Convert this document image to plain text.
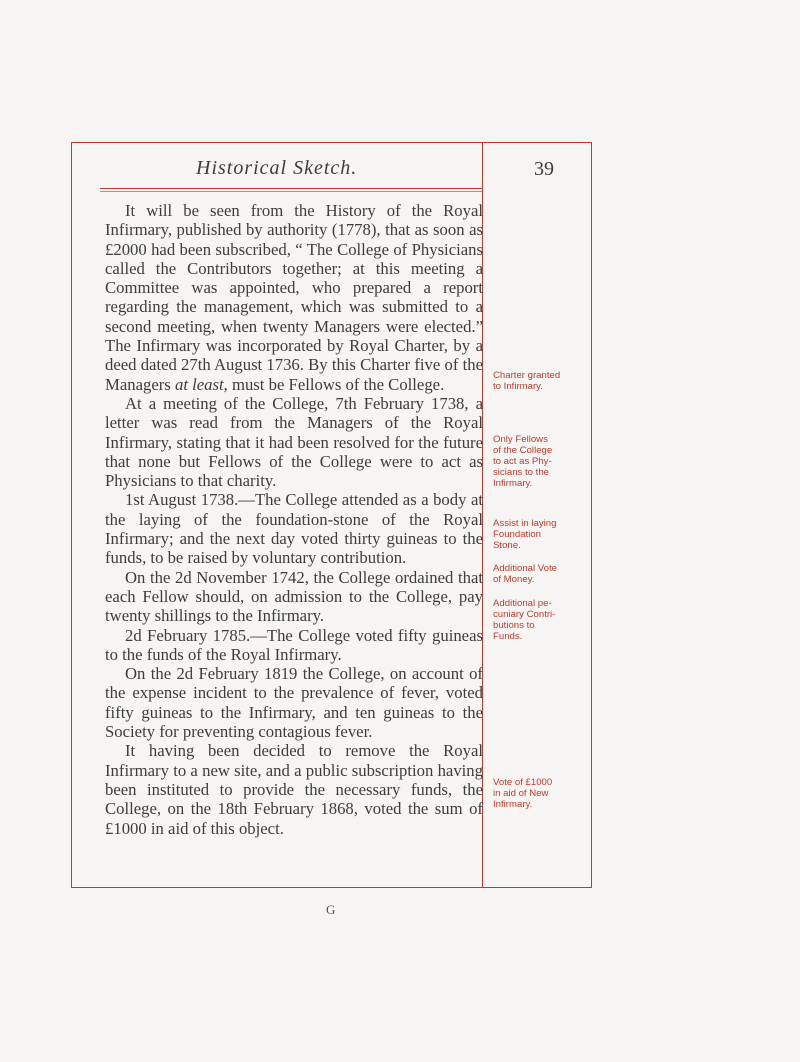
Historical Sketch.	39

It will be seen from the History of the Royal Infirmary, published by authority (1778), that as soon as £2000 had been subscribed, “ The College of Physicians called the Contributors together; at this meeting a Committee was appointed, who prepared a report regarding the management, which was submitted to a second meeting, when twenty Managers were elected.” The Infirmary was incorporated by Royal Charter, by a deed dated 27th August 1736. By this Charter five of the Managers at least, must be Fellows of the College.

At a meeting of the College, 7th February 1738, a letter was read from the Managers of the Royal Infirmary, stating that it had been resolved for the future that none but Fellows of the College were to act as Physicians to that charity.

1st August 1738.—The College attended as a body at the laying of the foundation-stone of the Royal Infirmary; and the next day voted thirty guineas to the funds, to be raised by voluntary contribution.

On the 2d November 1742, the College ordained that each Fellow should, on admission to the College, pay twenty shillings to the Infirmary.

2d February 1785.—The College voted fifty guineas to the funds of the Royal Infirmary.

On the 2d February 1819 the College, on account of the expense incident to the prevalence of fever, voted fifty guineas to the Infirmary, and ten guineas to the Society for preventing contagious fever.

It having been decided to remove the Royal Infirmary to a new site, and a public subscription having been instituted to provide the necessary funds, the College, on the 18th February 1868, voted the sum of £1000 in aid of this object.

Charter granted
to Infirmary.
Only Fellows
of the College
to act as Phy-
sicians to the
Infirmary.
Assist in laying
Foundation
Stone.
Additional Vote
of Money.
Additional pe-
cuniary Contri-
butions to
Funds.
Vote of £1000
in aid of New
Infirmary.
G
